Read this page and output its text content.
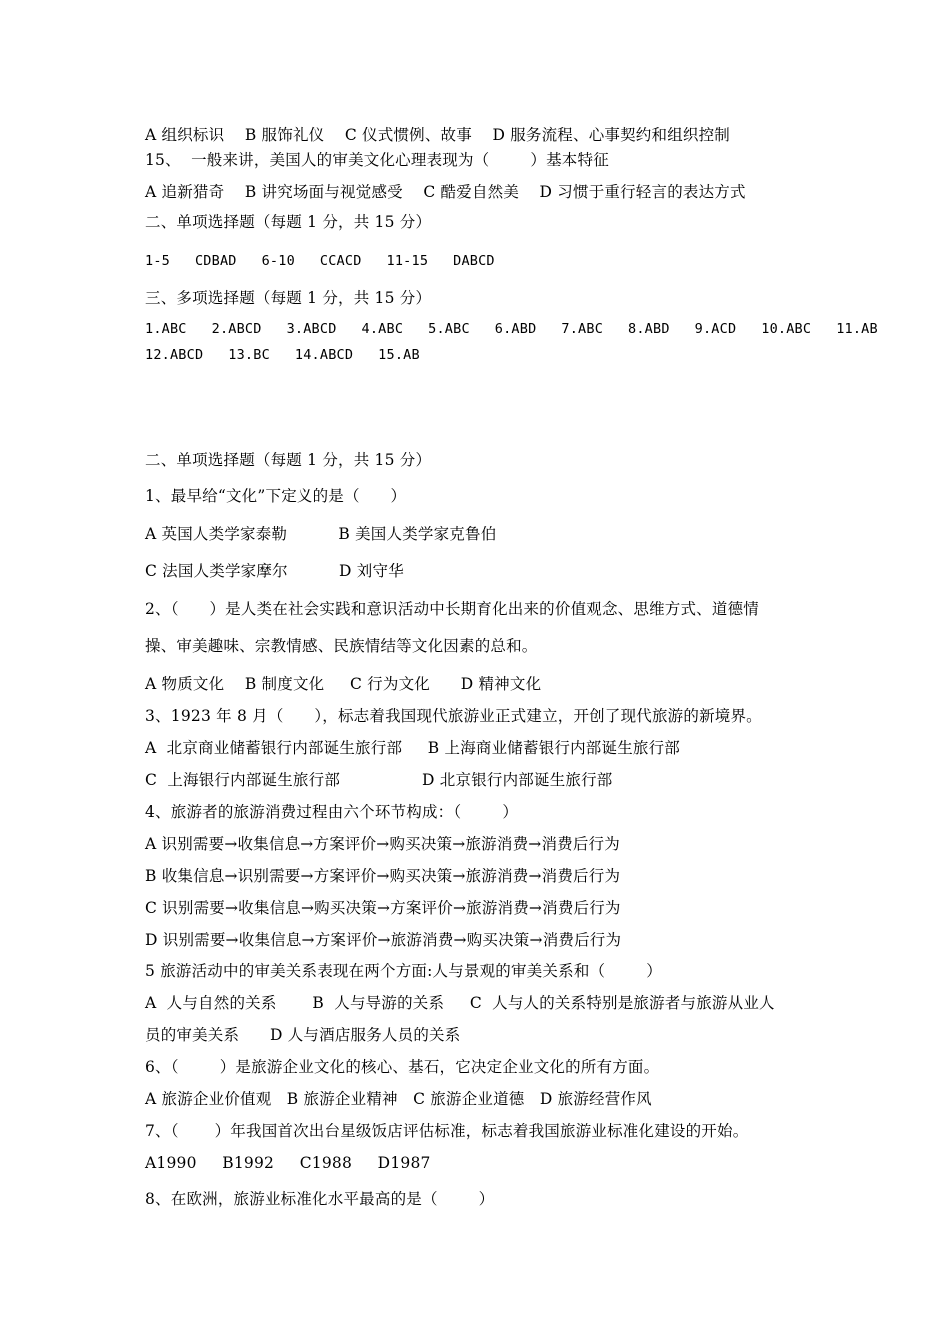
A 组织标识    B 服饰礼仪    C 仪式惯例、故事    D 服务流程、心事契约和组织控制
15、  一般来讲，美国人的审美文化心理表现为（        ）基本特征
A 追新猎奇    B 讲究场面与视觉感受    C 酷爱自然美    D 习惯于重行轻言的表达方式
二、单项选择题（每题 1 分，共 15 分）
1-5   CDBAD   6-10   CCACD   11-15   DABCD
三、多项选择题（每题 1 分，共 15 分）
1.ABC   2.ABCD   3.ABCD   4.ABC   5.ABC   6.ABD   7.ABC   8.ABD   9.ACD   10.ABC   11.AB
12.ABCD   13.BC   14.ABCD   15.AB
二、单项选择题（每题 1 分，共 15 分）
1、最早给“文化”下定义的是（      ）
A 英国人类学家泰勒          B 美国人类学家克鲁伯
C 法国人类学家摩尔          D 刘守华
2、（      ）是人类在社会实践和意识活动中长期育化出来的价值观念、思维方式、道德情
操、审美趣味、宗教情感、民族情结等文化因素的总和。
A 物质文化    B 制度文化     C 行为文化      D 精神文化
3、1923 年 8 月（      ），标志着我国现代旅游业正式建立，开创了现代旅游的新境界。
A  北京商业储蓄银行内部诞生旅行部     B 上海商业储蓄银行内部诞生旅行部
C  上海银行内部诞生旅行部                D 北京银行内部诞生旅行部
4、旅游者的旅游消费过程由六个环节构成：（        ）
A 识别需要→收集信息→方案评价→购买决策→旅游消费→消费后行为
B 收集信息→识别需要→方案评价→购买决策→旅游消费→消费后行为
C 识别需要→收集信息→购买决策→方案评价→旅游消费→消费后行为
D 识别需要→收集信息→方案评价→旅游消费→购买决策→消费后行为
5 旅游活动中的审美关系表现在两个方面:人与景观的审美关系和（        ）
A  人与自然的关系       B  人与导游的关系     C  人与人的关系特别是旅游者与旅游从业人
员的审美关系      D 人与酒店服务人员的关系
6、（        ）是旅游企业文化的核心、基石，它决定企业文化的所有方面。
A 旅游企业价值观   B 旅游企业精神   C 旅游企业道德   D 旅游经营作风
7、（       ）年我国首次出台星级饭店评估标准，标志着我国旅游业标准化建设的开始。
A1990     B1992     C1988     D1987
8、在欧洲，旅游业标准化水平最高的是（        ）
